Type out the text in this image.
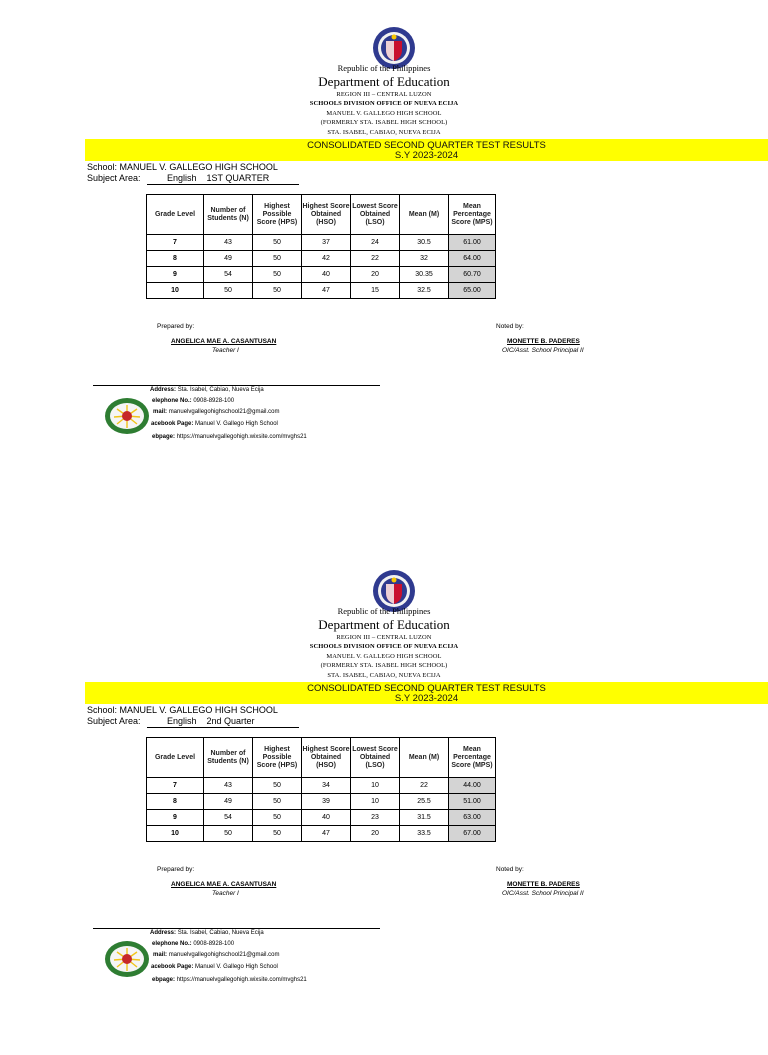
Republic of the Philippines
Department of Education
REGION III – CENTRAL LUZON
SCHOOLS DIVISION OFFICE OF NUEVA ECIJA
MANUEL V. GALLEGO HIGH SCHOOL
(FORMERLY STA. ISABEL HIGH SCHOOL)
STA. ISABEL, CABIAO, NUEVA ECIJA
CONSOLIDATED SECOND QUARTER TEST RESULTS
S.Y 2023-2024
School: MANUEL V. GALLEGO HIGH SCHOOL
Subject Area:	English 1ST QUARTER
Grade Level	Number of Students (N)	Highest Possible Score (HPS)	Highest Score Obtained (HSO)	Lowest Score Obtained (LSO)	Mean (M)	Mean Percentage Score (MPS)
7	43	50	37	24	30.5	61.00
8	49	50	42	22	32	64.00
9	54	50	40	20	30.35	60.70
10	50	50	47	15	32.5	65.00
Prepared by:	Noted by:
ANGELICA MAE A. CASANTUSAN	MONETTE B. PADERES
Teacher I	OIC/Asst. School Principal II
Address: Sta. Isabel, Cabiao, Nueva Ecija
elephone No.: 0908-8928-100
mail: manuelvgallegohighschool21@gmail.com
acebook Page: Manuel V. Gallego High School
ebpage: https://manuelvgallegohigh.wixsite.com/mvghs21
Republic of the Philippines
Department of Education
REGION III – CENTRAL LUZON
SCHOOLS DIVISION OFFICE OF NUEVA ECIJA
MANUEL V. GALLEGO HIGH SCHOOL
(FORMERLY STA. ISABEL HIGH SCHOOL)
STA. ISABEL, CABIAO, NUEVA ECIJA
CONSOLIDATED SECOND QUARTER TEST RESULTS
S.Y 2023-2024
School: MANUEL V. GALLEGO HIGH SCHOOL
Subject Area:	English 2nd Quarter
Grade Level	Number of Students (N)	Highest Possible Score (HPS)	Highest Score Obtained (HSO)	Lowest Score Obtained (LSO)	Mean (M)	Mean Percentage Score (MPS)
7	43	50	34	10	22	44.00
8	49	50	39	10	25.5	51.00
9	54	50	40	23	31.5	63.00
10	50	50	47	20	33.5	67.00
Prepared by:	Noted by:
ANGELICA MAE A. CASANTUSAN	MONETTE B. PADERES
Teacher I	OIC/Asst. School Principal II
Address: Sta. Isabel, Cabiao, Nueva Ecija
elephone No.: 0908-8928-100
mail: manuelvgallegohighschool21@gmail.com
acebook Page: Manuel V. Gallego High School
ebpage: https://manuelvgallegohigh.wixsite.com/mvghs21
